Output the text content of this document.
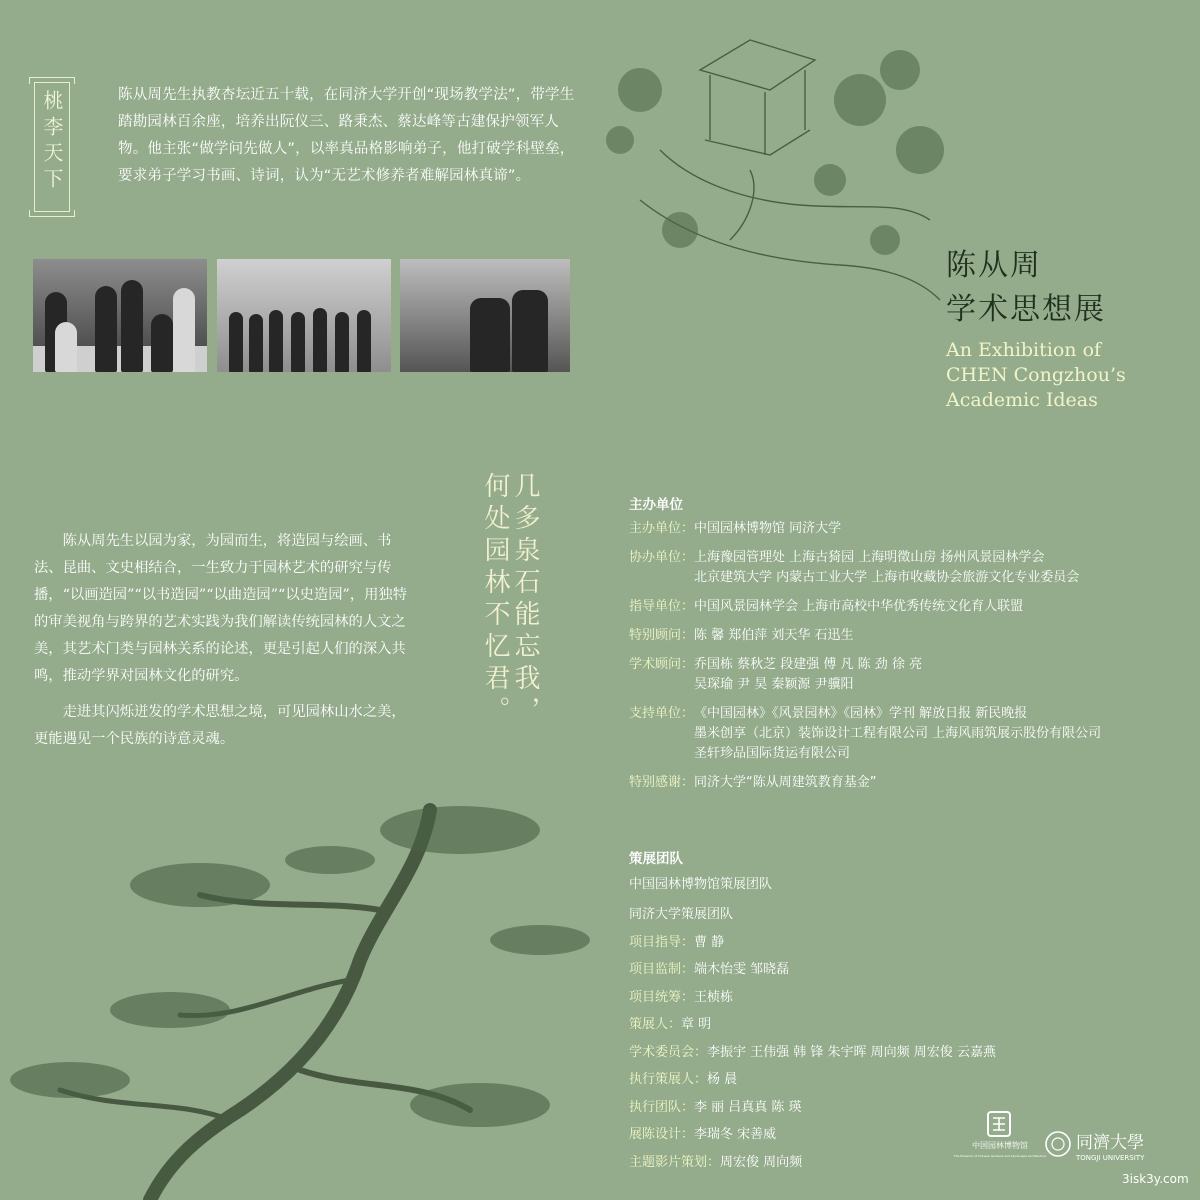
桃李天下	陈从周先生执教杏坛近五十载，在同济大学开创“现场教学法”，带学生踏勘园林百余座，培养出阮仪三、路秉杰、蔡达峰等古建保护领军人物。他主张“做学问先做人”，以率真品格影响弟子，他打破学科壁垒，要求弟子学习书画、诗词，认为“无艺术修养者难解园林真谛”。
陈从周
学术思想展
An Exhibition of
CHEN Congzhou’s
Academic Ideas
几多泉石能忘我，
何处园林不忆君。

陈从周先生以园为家，为园而生，将造园与绘画、书法、昆曲、文史相结合，一生致力于园林艺术的研究与传播，“以画造园”“以书造园”“以曲造园”“以史造园”，用独特的审美视角与跨界的艺术实践为我们解读传统园林的人文之美，其艺术门类与园林关系的论述，更是引起人们的深入共鸣，推动学界对园林文化的研究。

走进其闪烁迸发的学术思想之境，可见园林山水之美，更能遇见一个民族的诗意灵魂。

主办单位
主办单位： 中国园林博物馆 同济大学
协办单位： 上海豫园管理处 上海古猗园 上海明徵山房 扬州风景园林学会
北京建筑大学 内蒙古工业大学 上海市收藏协会旅游文化专业委员会
指导单位： 中国风景园林学会 上海市高校中华优秀传统文化育人联盟
特别顾问： 陈 馨 郑伯萍 刘天华 石迅生
学术顾问： 乔国栋 蔡秋芝 段建强 傅 凡 陈 劲 徐 亮
吴琛瑜 尹 昊 秦颖源 尹骥阳
支持单位： 《中国园林》《风景园林》《园林》学刊 解放日报 新民晚报
墨米创享（北京）装饰设计工程有限公司 上海风雨筑展示股份有限公司
圣轩珍品国际货运有限公司
特别感谢： 同济大学“陈从周建筑教育基金”
策展团队
中国园林博物馆策展团队
同济大学策展团队
项目指导：曹 静
项目监制：端木怡雯 邹晓磊
项目统筹：王桢栋
策展人：章 明
学术委员会：李振宇 王伟强 韩 锋 朱宇晖 周向频 周宏俊 云嘉燕
执行策展人：杨 晨
执行团队：李 丽 吕真真 陈 瑛
展陈设计：李瑞冬 宋善威
主题影片策划：周宏俊 周向频
中国园林博物馆
The Museum of Chinese Gardens and Landscape Architecture
同濟大學
TONGJI UNIVERSITY
3isk3y.com
